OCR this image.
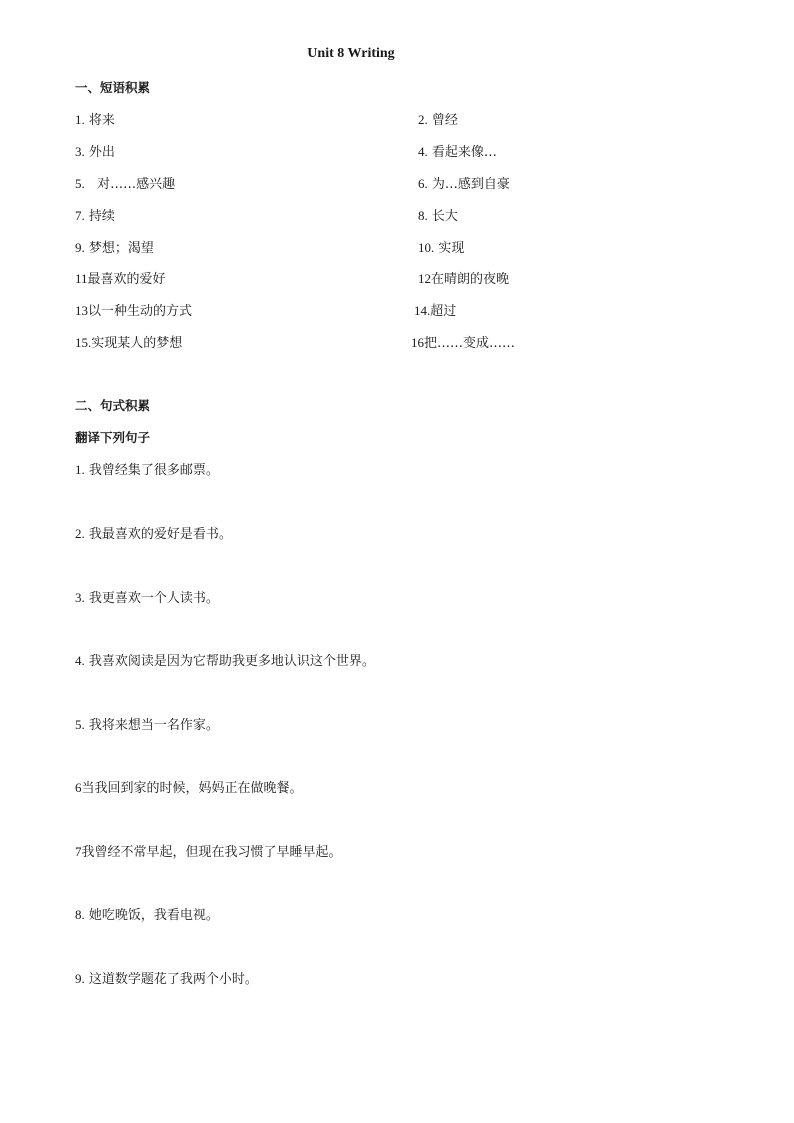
Unit 8 Writing
一、短语积累
1. 将来	2. 曾经
3. 外出	4. 看起来像…
5.   对……感兴趣	6. 为…感到自豪
7. 持续	8. 长大
9. 梦想；渴望	10. 实现
11最喜欢的爱好	12在晴朗的夜晚
13以一种生动的方式	14.超过
15.实现某人的梦想	16把……变成……
二、句式积累
翻译下列句子
1. 我曾经集了很多邮票。
2. 我最喜欢的爱好是看书。
3. 我更喜欢一个人读书。
4. 我喜欢阅读是因为它帮助我更多地认识这个世界。
5. 我将来想当一名作家。
6当我回到家的时候，妈妈正在做晚餐。
7我曾经不常早起，但现在我习惯了早睡早起。
8. 她吃晚饭，我看电视。
9. 这道数学题花了我两个小时。
